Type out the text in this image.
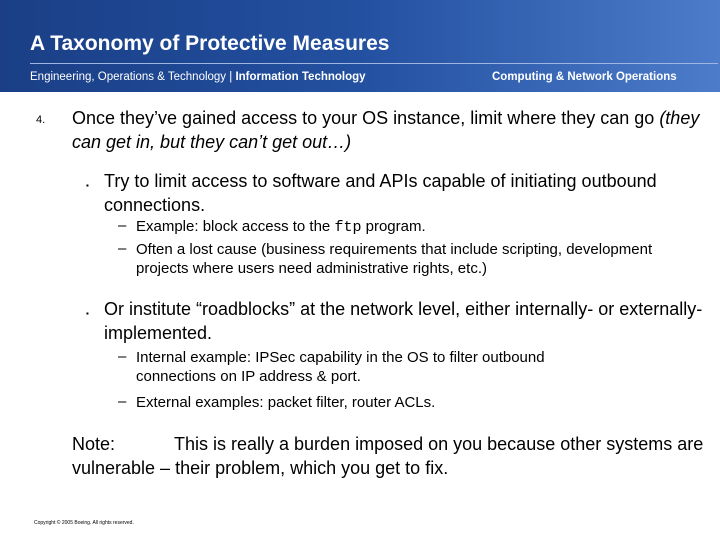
A Taxonomy of Protective Measures
Engineering, Operations & Technology | Information Technology	Computing & Network Operations
4. Once they’ve gained access to your OS instance, limit where they can go (they can get in, but they can’t get out…)
▪ Try to limit access to software and APIs capable of initiating outbound connections.
– Example: block access to the ftp program.
– Often a lost cause (business requirements that include scripting, development projects where users need administrative rights, etc.)
▪ Or institute “roadblocks” at the network level, either internally- or externally-implemented.
– Internal example: IPSec capability in the OS to filter outbound connections on IP address & port.
– External examples: packet filter, router ACLs.
Note:	This is really a burden imposed on you because other systems are vulnerable – their problem, which you get to fix.
Copyright © 2005 Boeing. All rights reserved.
